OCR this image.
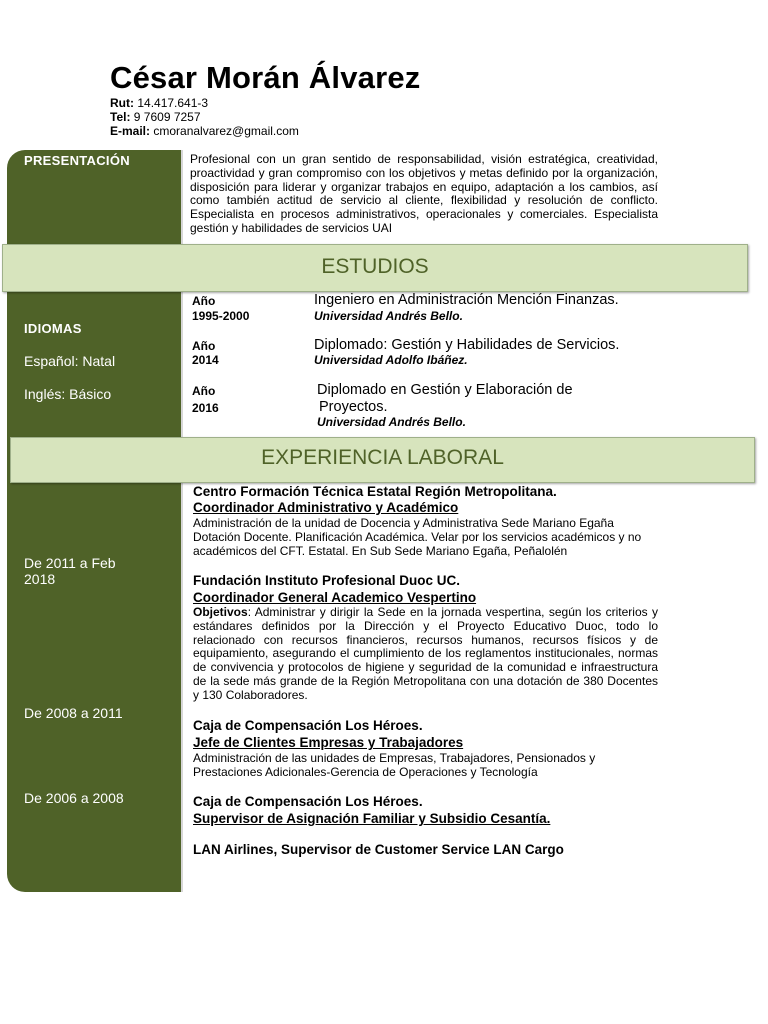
César Morán Álvarez
Rut: 14.417.641-3
Tel: 9 7609 7257
E-mail: cmoranalvarez@gmail.com
PRESENTACIÓN
IDIOMAS
Español: Natal
Inglés: Básico
De 2011 a Feb
2018
De 2008 a 2011
De 2006 a 2008
Profesional con un gran sentido de responsabilidad, visión estratégica, creatividad, proactividad y gran compromiso con los objetivos y metas definido por la organización, disposición para liderar y organizar trabajos en equipo, adaptación a los cambios, así como también actitud de servicio al cliente, flexibilidad y resolución de conflicto. Especialista en procesos administrativos, operacionales y comerciales. Especialista gestión y habilidades de servicios UAI
ESTUDIOS
Año
1995-2000
Ingeniero en Administración Mención Finanzas.
Universidad Andrés Bello.
Año
2014
Diplomado: Gestión y Habilidades de Servicios.
Universidad Adolfo Ibáñez.
Año
2016
Diplomado en Gestión y Elaboración de
Proyectos.
Universidad Andrés Bello.
EXPERIENCIA LABORAL
Centro Formación Técnica Estatal Región Metropolitana.
Coordinador Administrativo y Académico
Administración de la unidad de Docencia y Administrativa Sede Mariano Egaña Dotación Docente. Planificación Académica. Velar por los servicios académicos y no académicos del CFT. Estatal. En Sub Sede Mariano Egaña, Peñalolén
Fundación Instituto Profesional Duoc UC.
Coordinador General Academico Vespertino
Objetivos: Administrar y dirigir la Sede en la jornada vespertina, según los criterios y estándares definidos por la Dirección y el Proyecto Educativo Duoc, todo lo relacionado con recursos financieros, recursos humanos, recursos físicos y de equipamiento, asegurando el cumplimiento de los reglamentos institucionales, normas de convivencia y protocolos de higiene y seguridad de la comunidad e infraestructura de la sede más grande de la Región Metropolitana con una dotación de 380 Docentes y 130 Colaboradores.
Caja de Compensación Los Héroes.
Jefe de Clientes Empresas y Trabajadores
Administración de las unidades de Empresas, Trabajadores, Pensionados y Prestaciones Adicionales-Gerencia de Operaciones y Tecnología
Caja de Compensación Los Héroes.
Supervisor de Asignación Familiar y Subsidio Cesantía.
LAN Airlines, Supervisor de Customer Service LAN Cargo
